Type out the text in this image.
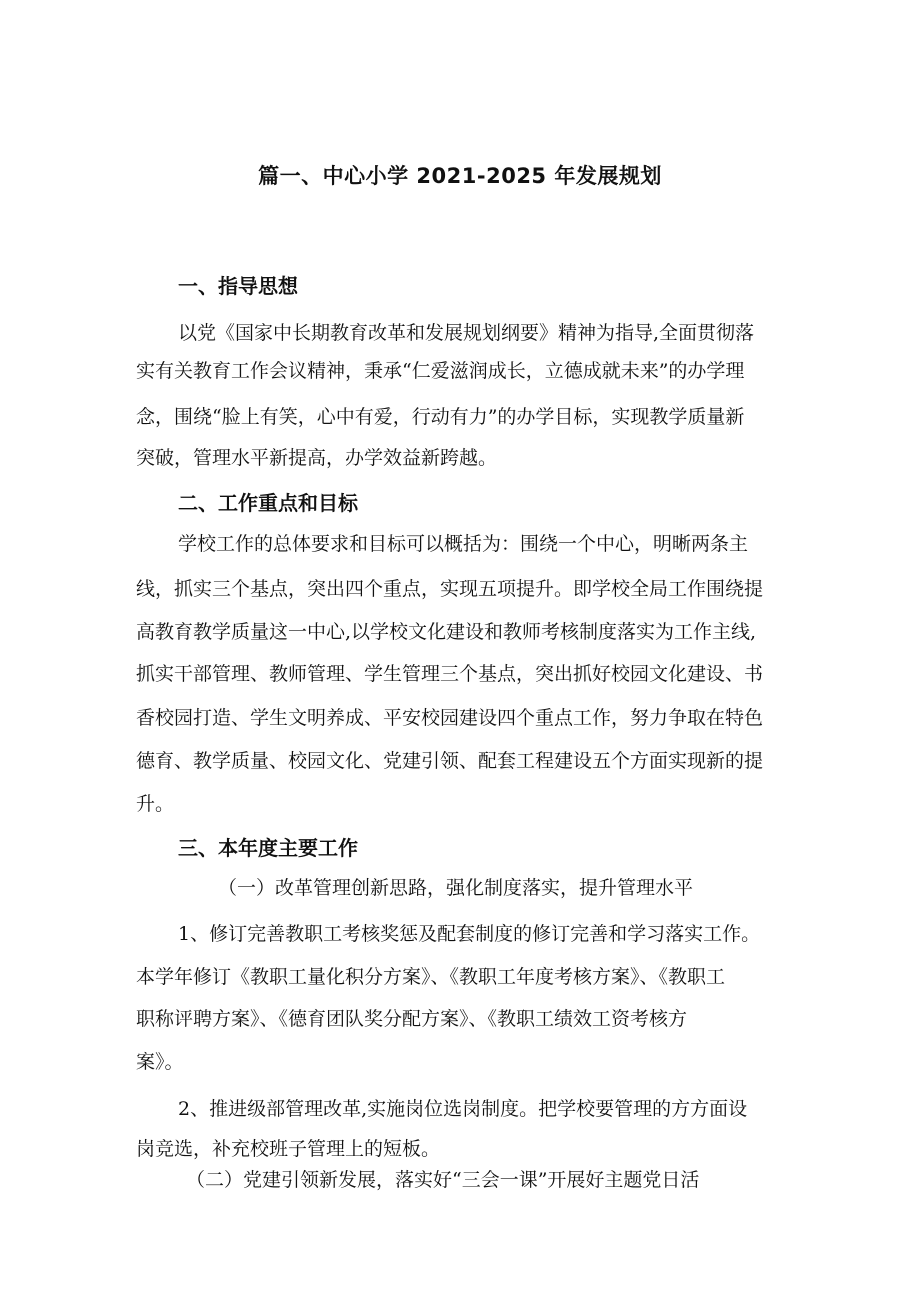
篇一、中心小学 2021-2025 年发展规划
一、指导思想
以党《国家中长期教育改革和发展规划纲要》精神为指导,全面贯彻落
实有关教育工作会议精神，秉承“仁爱滋润成长，立德成就未来”的办学理
念，围绕“脸上有笑，心中有爱，行动有力”的办学目标，实现教学质量新
突破，管理水平新提高，办学效益新跨越。
二、工作重点和目标
学校工作的总体要求和目标可以概括为：围绕一个中心，明晰两条主
线，抓实三个基点，突出四个重点，实现五项提升。即学校全局工作围绕提
高教育教学质量这一中心,以学校文化建设和教师考核制度落实为工作主线,
抓实干部管理、教师管理、学生管理三个基点，突出抓好校园文化建设、书
香校园打造、学生文明养成、平安校园建设四个重点工作，努力争取在特色
德育、教学质量、校园文化、党建引领、配套工程建设五个方面实现新的提
升。
三、本年度主要工作
（一）改革管理创新思路，强化制度落实，提升管理水平
1、修订完善教职工考核奖惩及配套制度的修订完善和学习落实工作。
本学年修订《教职工量化积分方案》、《教职工年度考核方案》、《教职工
职称评聘方案》、《德育团队奖分配方案》、《教职工绩效工资考核方
案》。
2、推进级部管理改革,实施岗位选岗制度。把学校要管理的方方面设
岗竞选，补充校班子管理上的短板。
（二）党建引领新发展，落实好“三会一课”开展好主题党日活
